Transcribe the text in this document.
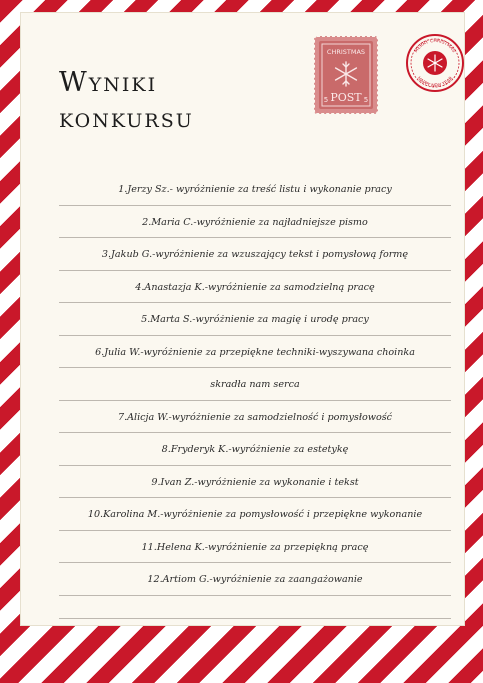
Wyniki
konkursu
CHRISTMAS
POST
5	5
MERRY CHRISTMAS
HAPPY NEW YEAR
1.Jerzy Sz.- wyróżnienie za treść listu i wykonanie pracy
2.Maria C.-wyróżnienie za najładniejsze pismo
3.Jakub G.-wyróżnienie za wzuszający tekst i pomysłową formę
4.Anastazja K.-wyróżnienie za samodzielną pracę
5.Marta S.-wyróżnienie za magię i urodę pracy
6.Julia W.-wyróżnienie za przepiękne techniki-wyszywana choinka
skradła nam serca
7.Alicja W.-wyróżnienie za samodzielność i pomysłowość
8.Fryderyk K.-wyróżnienie za estetykę
9.Ivan Z.-wyróżnienie za wykonanie i tekst
10.Karolina M.-wyróżnienie za pomysłowość i przepiękne wykonanie
11.Helena K.-wyróżnienie za przepiękną pracę
12.Artiom G.-wyróżnienie za zaangażowanie
